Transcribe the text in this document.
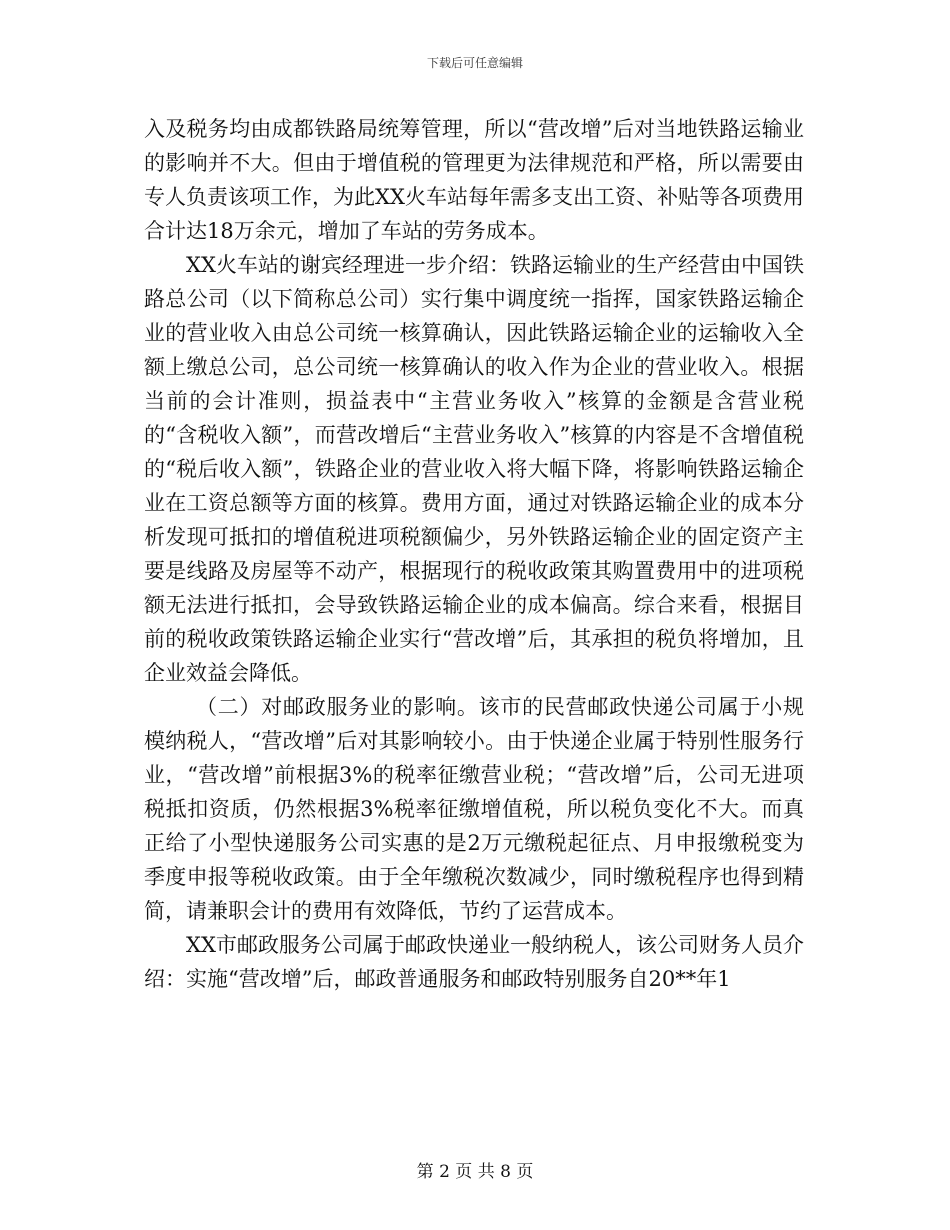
下载后可任意编辑

入及税务均由成都铁路局统筹管理，所以“营改增”后对当地铁路运输业的影响并不大。但由于增值税的管理更为法律规范和严格，所以需要由专人负责该项工作，为此XX火车站每年需多支出工资、补贴等各项费用合计达18万余元，增加了车站的劳务成本。

XX火车站的谢宾经理进一步介绍：铁路运输业的生产经营由中国铁路总公司（以下简称总公司）实行集中调度统一指挥，国家铁路运输企业的营业收入由总公司统一核算确认，因此铁路运输企业的运输收入全额上缴总公司，总公司统一核算确认的收入作为企业的营业收入。根据当前的会计准则，损益表中“主营业务收入”核算的金额是含营业税的“含税收入额”，而营改增后“主营业务收入”核算的内容是不含增值税的“税后收入额”，铁路企业的营业收入将大幅下降，将影响铁路运输企业在工资总额等方面的核算。费用方面，通过对铁路运输企业的成本分析发现可抵扣的增值税进项税额偏少，另外铁路运输企业的固定资产主要是线路及房屋等不动产，根据现行的税收政策其购置费用中的进项税额无法进行抵扣，会导致铁路运输企业的成本偏高。综合来看，根据目前的税收政策铁路运输企业实行“营改增”后，其承担的税负将增加，且企业效益会降低。

（二）对邮政服务业的影响。该市的民营邮政快递公司属于小规模纳税人，“营改增”后对其影响较小。由于快递企业属于特别性服务行业，“营改增”前根据3%的税率征缴营业税；“营改增”后，公司无进项税抵扣资质，仍然根据3%税率征缴增值税，所以税负变化不大。而真正给了小型快递服务公司实惠的是2万元缴税起征点、月申报缴税变为季度申报等税收政策。由于全年缴税次数减少，同时缴税程序也得到精简，请兼职会计的费用有效降低，节约了运营成本。

XX市邮政服务公司属于邮政快递业一般纳税人，该公司财务人员介绍：实施“营改增”后，邮政普通服务和邮政特别服务自20**年1

第 2 页 共 8 页
